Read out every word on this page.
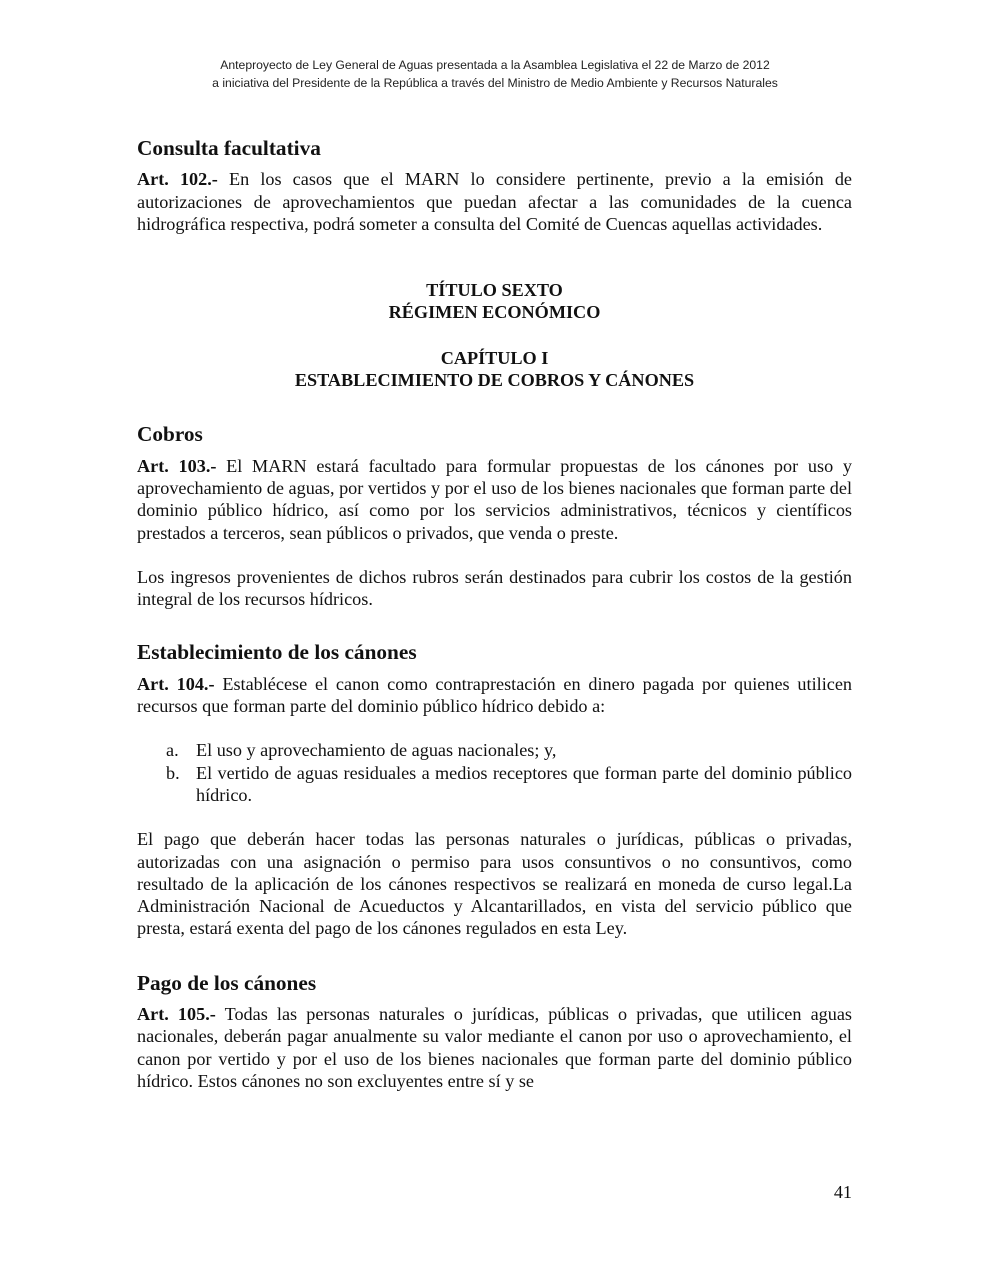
Anteproyecto de Ley General de Aguas presentada a la Asamblea Legislativa el 22 de Marzo de 2012
a iniciativa del Presidente de la República a través del Ministro de Medio Ambiente y Recursos Naturales
Consulta facultativa

Art. 102.- En los casos que el MARN lo considere pertinente, previo a la emisión de autorizaciones de aprovechamientos que puedan afectar a las comunidades de la cuenca hidrográfica respectiva, podrá someter a consulta del Comité de Cuencas aquellas actividades.

TÍTULO SEXTO
RÉGIMEN ECONÓMICO
CAPÍTULO I
ESTABLECIMIENTO DE COBROS Y CÁNONES
Cobros

Art. 103.- El MARN estará facultado para formular propuestas de los cánones por uso y aprovechamiento de aguas, por vertidos y por el uso de los bienes nacionales que forman parte del dominio público hídrico, así como por los servicios administrativos, técnicos y científicos prestados a terceros, sean públicos o privados, que venda o preste.

Los ingresos provenientes de dichos rubros serán destinados para cubrir los costos de la gestión integral de los recursos hídricos.

Establecimiento de los cánones

Art. 104.- Establécese el canon como contraprestación en dinero pagada por quienes utilicen recursos que forman parte del dominio público hídrico debido a:

a. El uso y aprovechamiento de aguas nacionales; y,
b. El vertido de aguas residuales a medios receptores que forman parte del dominio público hídrico.

El pago que deberán hacer todas las personas naturales o jurídicas, públicas o privadas, autorizadas con una asignación o permiso para usos consuntivos o no consuntivos, como resultado de la aplicación de los cánones respectivos se realizará en moneda de curso legal.La Administración Nacional de Acueductos y Alcantarillados, en vista del servicio público que presta, estará exenta del pago de los cánones regulados en esta Ley.

Pago de los cánones

Art. 105.- Todas las personas naturales o jurídicas, públicas o privadas, que utilicen aguas nacionales, deberán pagar anualmente su valor mediante el canon por uso o aprovechamiento, el canon por vertido y por el uso de los bienes nacionales que forman parte del dominio público hídrico. Estos cánones no son excluyentes entre sí y se

41
